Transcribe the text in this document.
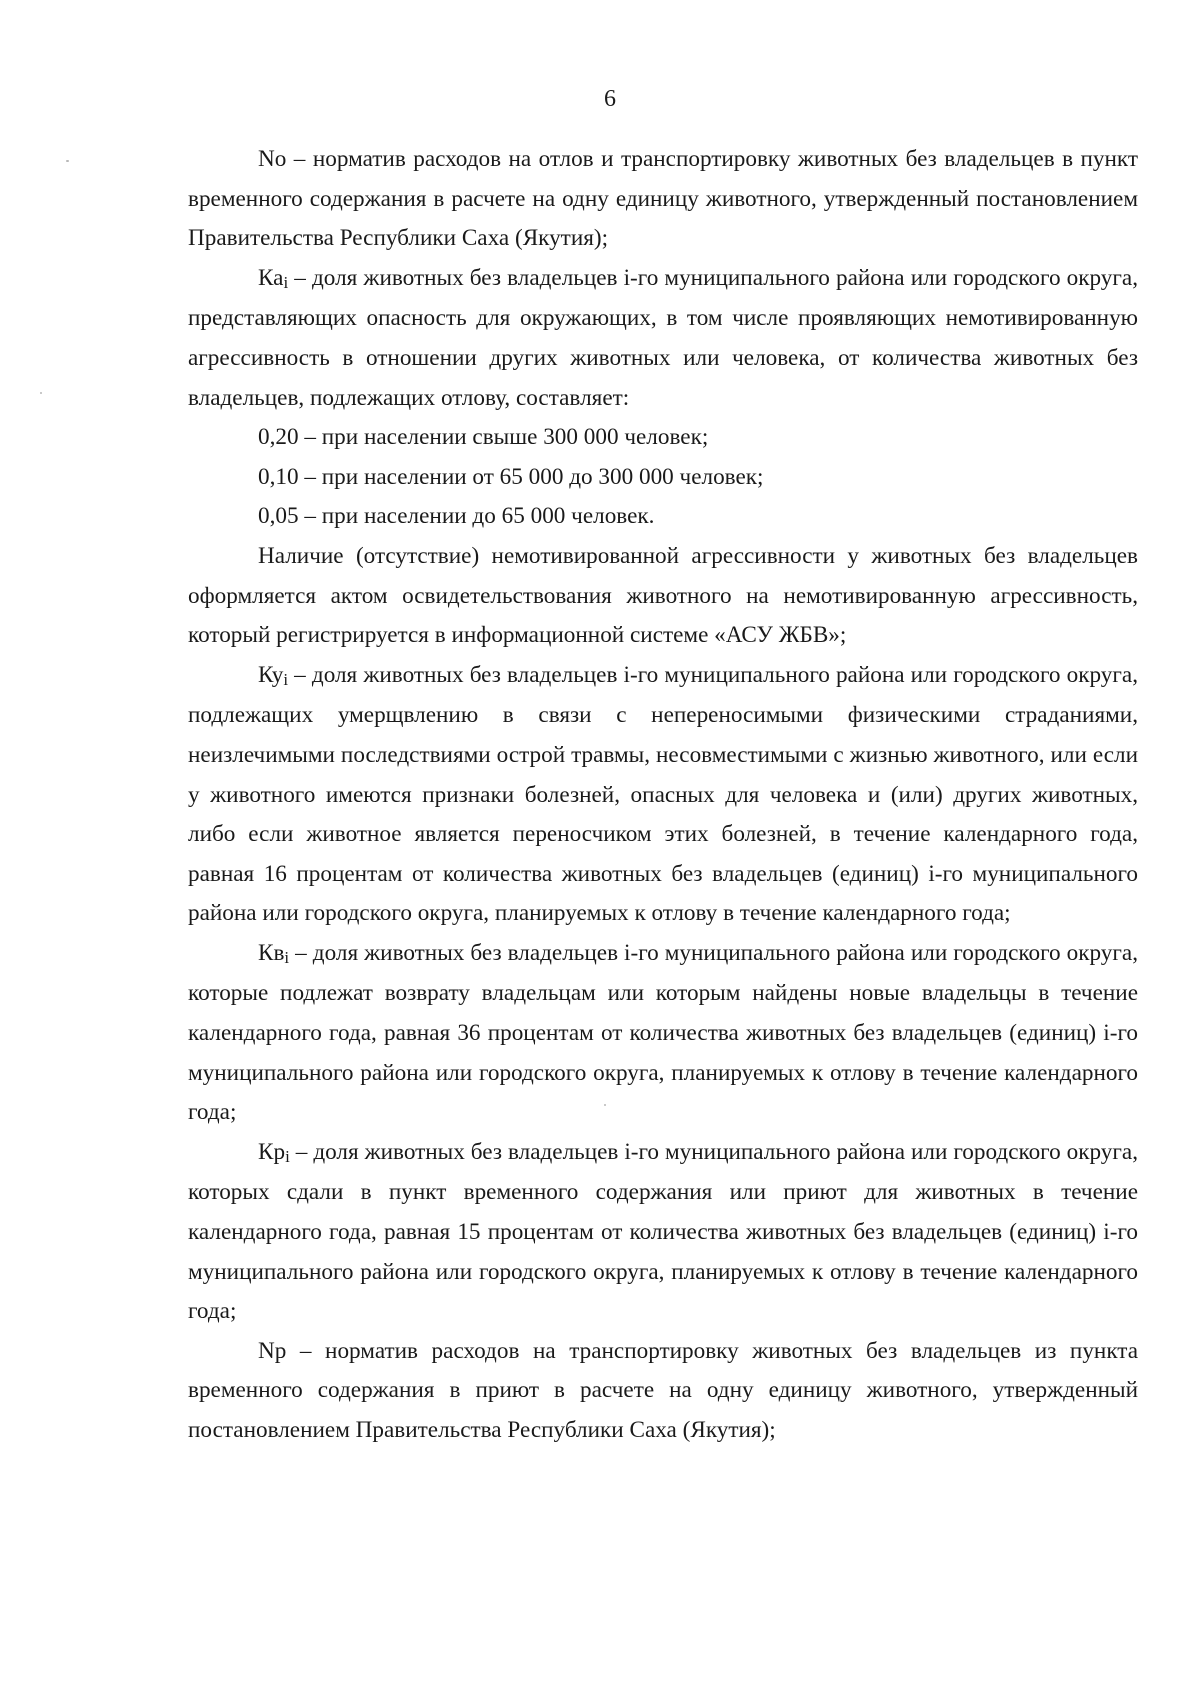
6

No – норматив расходов на отлов и транспортировку животных без владельцев в пункт временного содержания в расчете на одну единицу животного, утвержденный постановлением Правительства Республики Саха (Якутия);

Каi – доля животных без владельцев i-го муниципального района или городского округа, представляющих опасность для окружающих, в том числе проявляющих немотивированную агрессивность в отношении других животных или человека, от количества животных без владельцев, подлежащих отлову, составляет:

0,20 – при населении свыше 300 000 человек;

0,10 – при населении от 65 000 до 300 000 человек;

0,05 – при населении до 65 000 человек.

Наличие (отсутствие) немотивированной агрессивности у животных без владельцев оформляется актом освидетельствования животного на немотивированную агрессивность, который регистрируется в информационной системе «АСУ ЖБВ»;

Куi – доля животных без владельцев i-го муниципального района или городского округа, подлежащих умерщвлению в связи с непереносимыми физическими страданиями, неизлечимыми последствиями острой травмы, несовместимыми с жизнью животного, или если у животного имеются признаки болезней, опасных для человека и (или) других животных, либо если животное является переносчиком этих болезней, в течение календарного года, равная 16 процентам от количества животных без владельцев (единиц) i-го муниципального района или городского округа, планируемых к отлову в течение календарного года;

Квi – доля животных без владельцев i-го муниципального района или городского округа, которые подлежат возврату владельцам или которым найдены новые владельцы в течение календарного года, равная 36 процентам от количества животных без владельцев (единиц) i-го муниципального района или городского округа, планируемых к отлову в течение календарного года;

Крi – доля животных без владельцев i-го муниципального района или городского округа, которых сдали в пункт временного содержания или приют для животных в течение календарного года, равная 15 процентам от количества животных без владельцев (единиц) i-го муниципального района или городского округа, планируемых к отлову в течение календарного года;

Np – норматив расходов на транспортировку животных без владельцев из пункта временного содержания в приют в расчете на одну единицу животного, утвержденный постановлением Правительства Республики Саха (Якутия);
